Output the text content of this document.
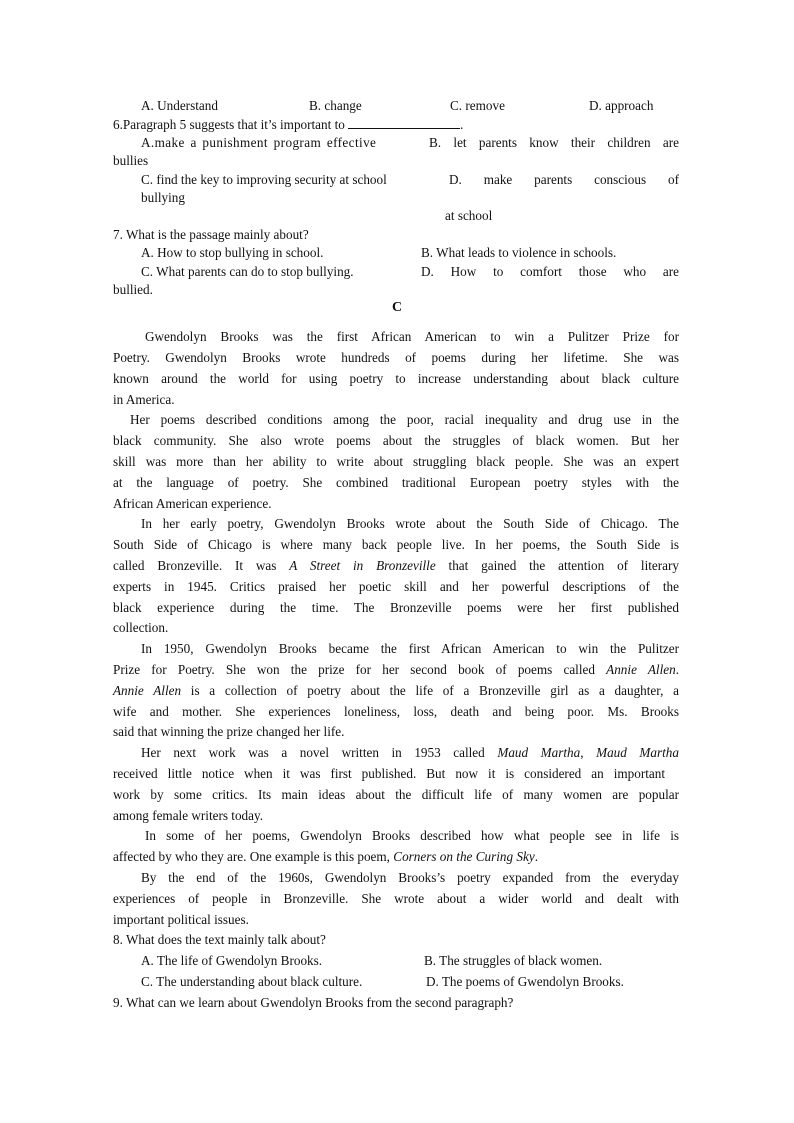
A. Understand	B. change	C. remove	D. approach
6.Paragraph 5 suggests that it’s important to	.
A.make a punishment program effective	B. let parents know their children are
bullies
C. find the key to improving security at school	D. make parents conscious of
bullying
at school
7. What is the passage mainly about?
A. How to stop bullying in school.	B. What leads to violence in schools.
C. What parents can do to stop bullying.	D. How to comfort those who are
bullied.
C
Gwendolyn Brooks was the first African American to win a Pulitzer Prize for
Poetry. Gwendolyn Brooks wrote hundreds of poems during her lifetime. She was
known around the world for using poetry to increase understanding about black culture
in America.
Her poems described conditions among the poor, racial inequality and drug use in the
black community. She also wrote poems about the struggles of black women. But her
skill was more than her ability to write about struggling black people. She was an expert
at the language of poetry. She combined traditional European poetry styles with the
African American experience.
In her early poetry, Gwendolyn Brooks wrote about the South Side of Chicago. The
South Side of Chicago is where many back people live. In her poems, the South Side is
called Bronzeville. It was A Street in Bronzeville that gained the attention of literary
experts in 1945. Critics praised her poetic skill and her powerful descriptions of the
black experience during the time. The Bronzeville poems were her first published
collection.
In 1950, Gwendolyn Brooks became the first African American to win the Pulitzer
Prize for Poetry. She won the prize for her second book of poems called Annie Allen.
Annie Allen is a collection of poetry about the life of a Bronzeville girl as a daughter, a
wife and mother. She experiences loneliness, loss, death and being poor. Ms. Brooks
said that winning the prize changed her life.
Her next work was a novel written in 1953 called Maud Martha, Maud Martha
received little notice when it was first published. But now it is considered an important
work by some critics. Its main ideas about the difficult life of many women are popular
among female writers today.
In some of her poems, Gwendolyn Brooks described how what people see in life is
affected by who they are. One example is this poem, Corners on the Curing Sky.
By the end of the 1960s, Gwendolyn Brooks’s poetry expanded from the everyday
experiences of people in Bronzeville. She wrote about a wider world and dealt with
important political issues.
8. What does the text mainly talk about?
A. The life of Gwendolyn Brooks.	B. The struggles of black women.
C. The understanding about black culture.	D. The poems of Gwendolyn Brooks.
9. What can we learn about Gwendolyn Brooks from the second paragraph?
